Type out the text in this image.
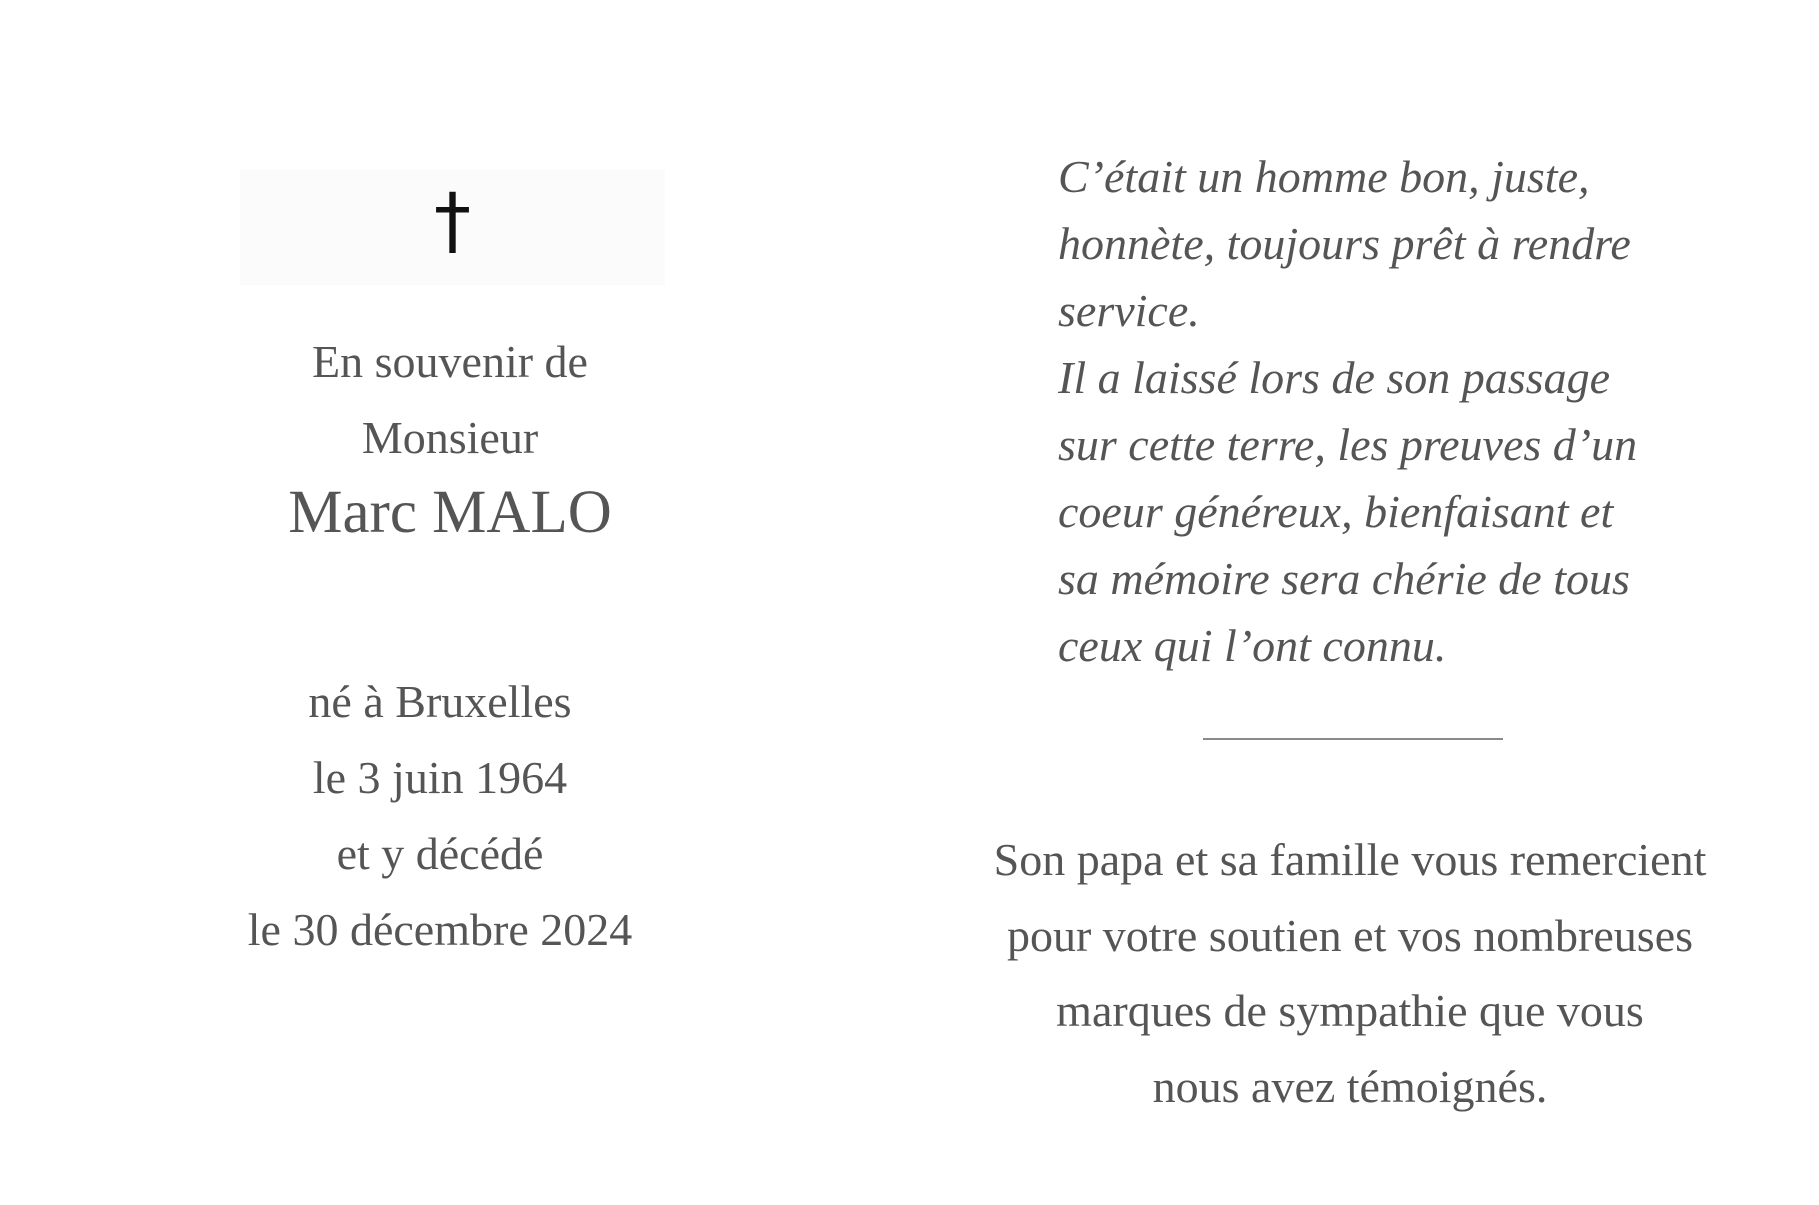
†
En souvenir de
Monsieur
Marc MALO
né à Bruxelles
le 3 juin 1964
et y décédé
le 30 décembre 2024
C’était un homme bon, juste,
honnète, toujours prêt à rendre
service.
Il a laissé lors de son passage
sur cette terre, les preuves d’un
coeur généreux, bienfaisant et
sa mémoire sera chérie de tous
ceux qui l’ont connu.
Son papa et sa famille vous remercient
pour votre soutien et vos nombreuses
marques de sympathie que vous
nous avez témoignés.
